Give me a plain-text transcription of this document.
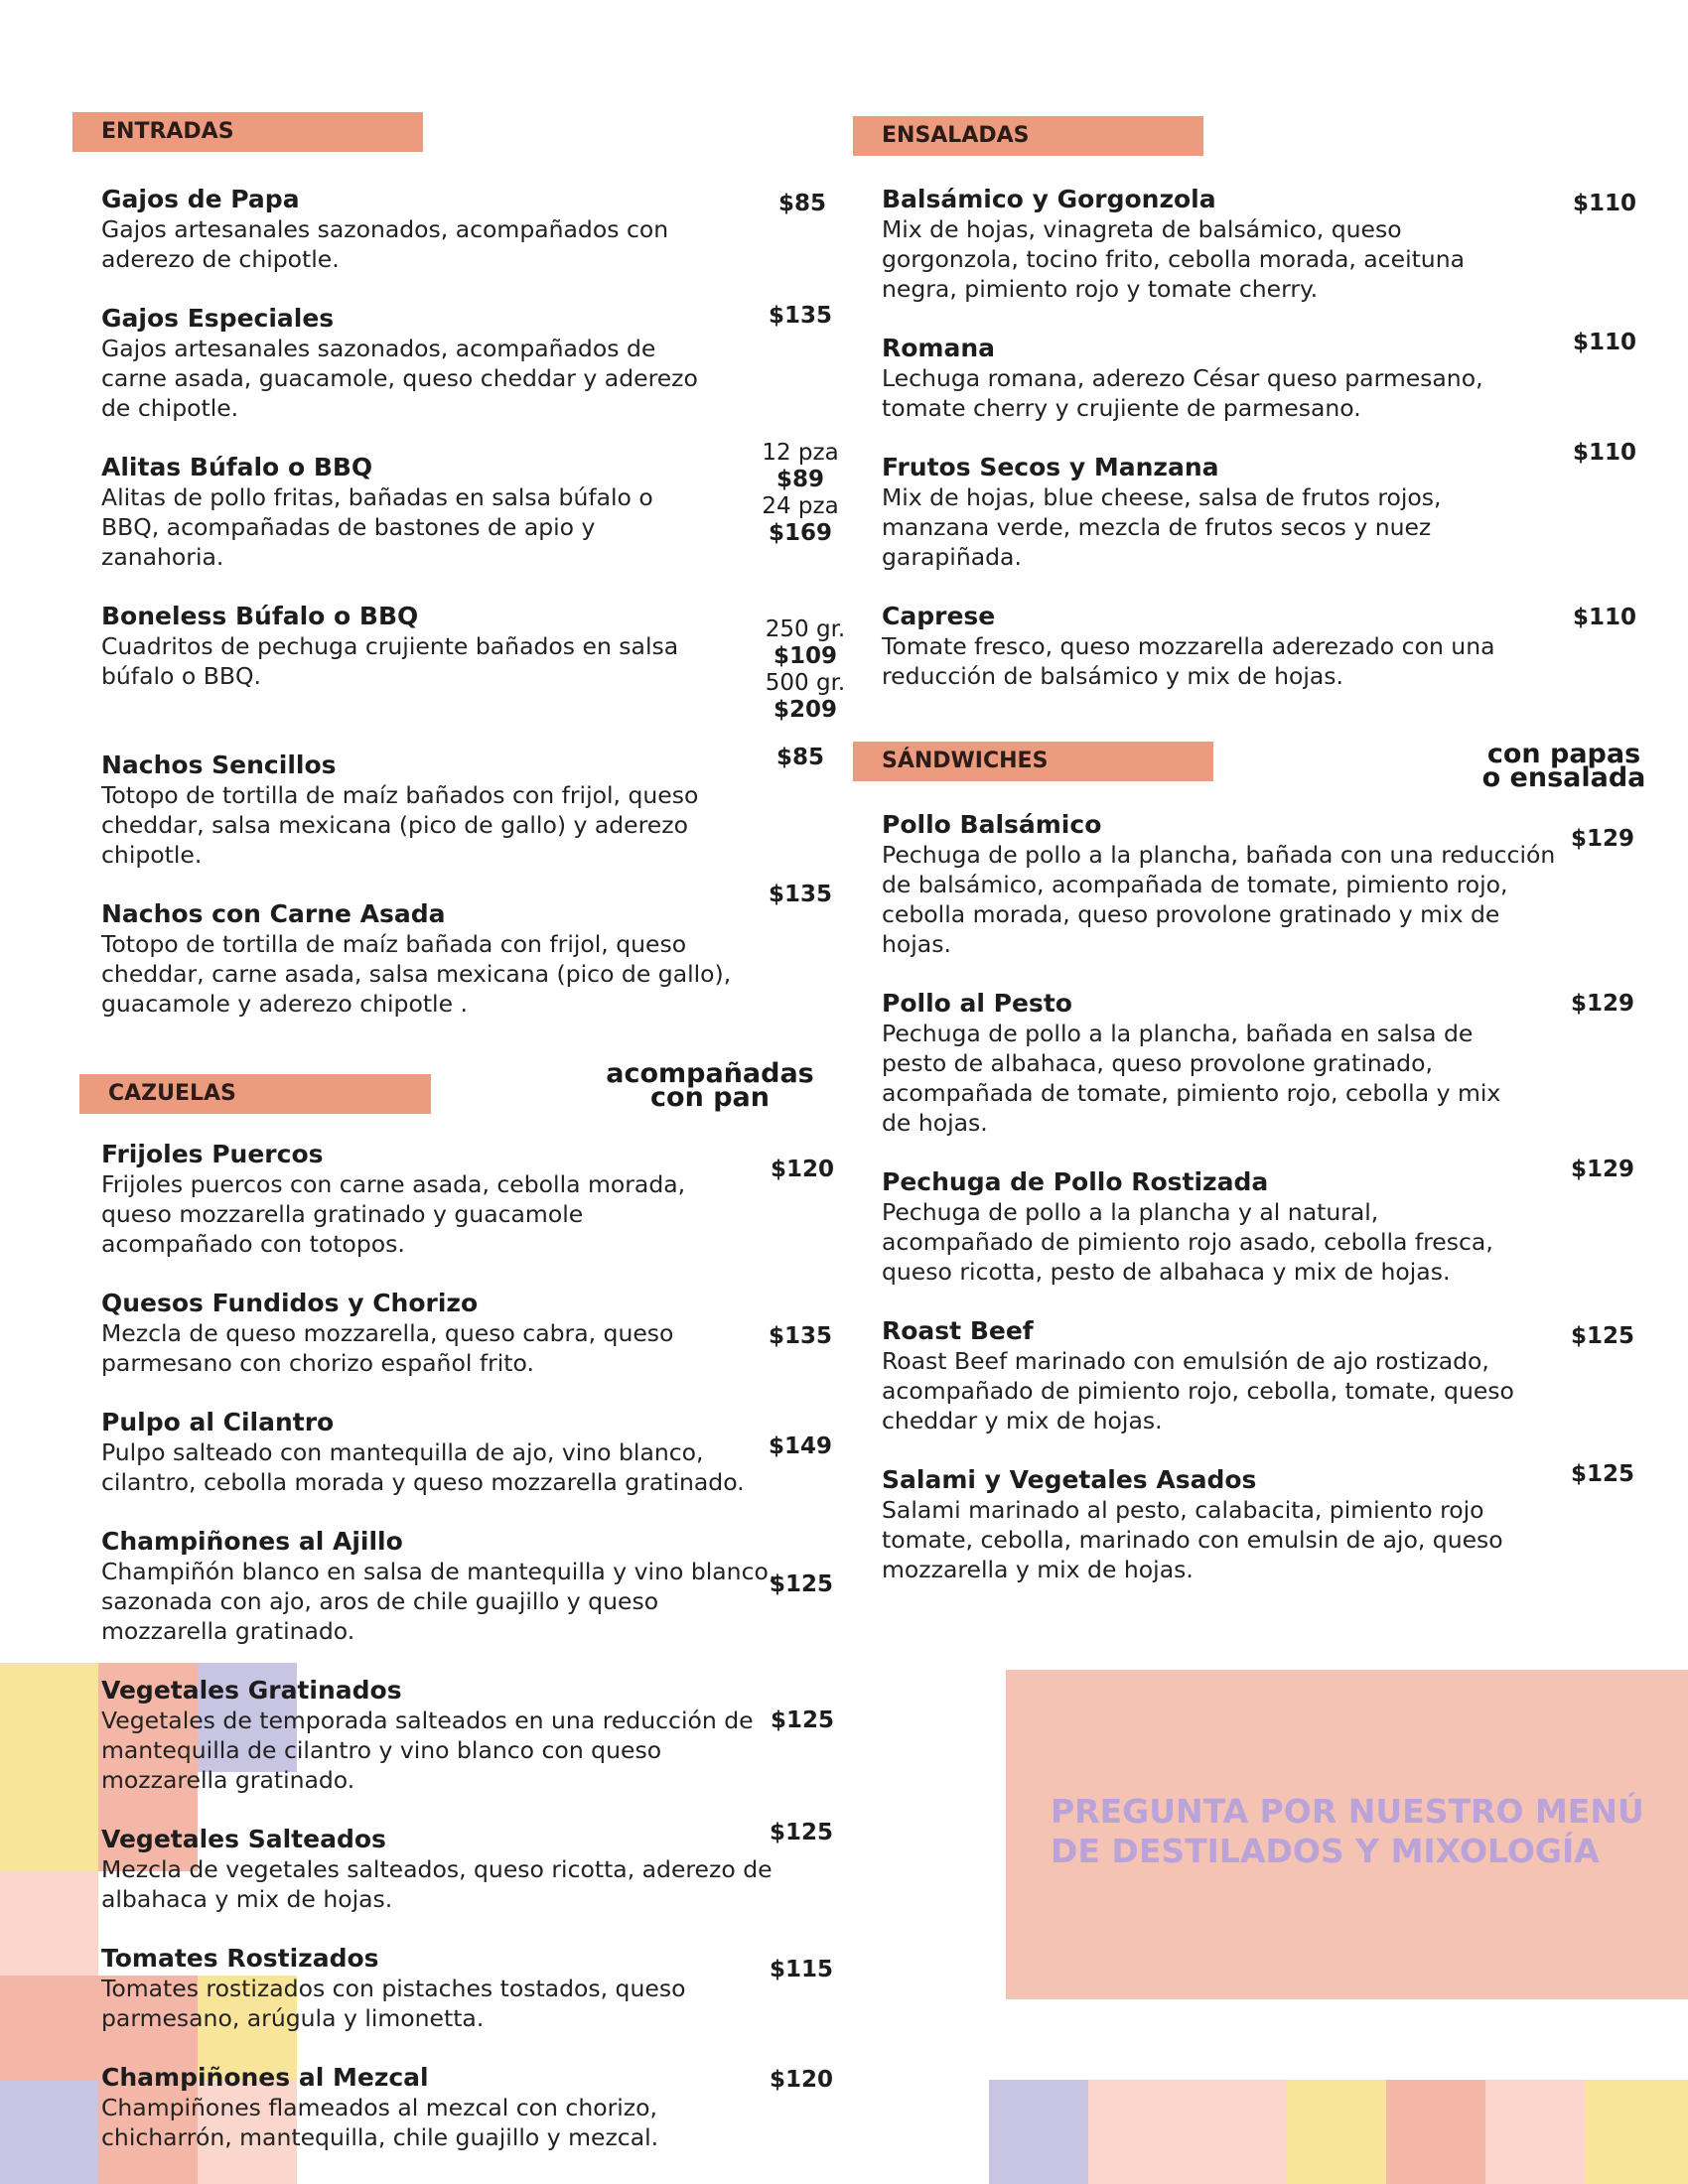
ENTRADAS

Gajos de Papa

Gajos artesanales sazonados, acompañados con aderezo de chipotle.

$85

Gajos Especiales

Gajos artesanales sazonados, acompañados de carne asada, guacamole, queso cheddar y aderezo de chipotle.

$135

Alitas Búfalo o BBQ

Alitas de pollo fritas, bañadas en salsa búfalo o BBQ, acompañadas de bastones de apio y zanahoria.

12 pza
$89
24 pza
$169

Boneless Búfalo o BBQ

Cuadritos de pechuga crujiente bañados en salsa búfalo o BBQ.

250 gr.
$109
500 gr.
$209

Nachos Sencillos

Totopo de tortilla de maíz bañados con frijol, queso cheddar, salsa mexicana (pico de gallo) y aderezo chipotle.

$85

Nachos con Carne Asada

Totopo de tortilla de maíz bañada con frijol, queso cheddar, carne asada, salsa mexicana (pico de gallo), guacamole y aderezo chipotle .

$135
CAZUELAS
acompañadas con pan

Frijoles Puercos

Frijoles puercos con carne asada, cebolla morada, queso mozzarella gratinado y guacamole acompañado con totopos.

$120

Quesos Fundidos y Chorizo

Mezcla de queso mozzarella, queso cabra, queso parmesano con chorizo español frito.

$135

Pulpo al Cilantro

Pulpo salteado con mantequilla de ajo, vino blanco, cilantro, cebolla morada y queso mozzarella gratinado.

$149

Champiñones al Ajillo

Champiñón blanco en salsa de mantequilla y vino blanco, sazonada con ajo, aros de chile guajillo y queso mozzarella gratinado.

$125

Vegetales Gratinados

Vegetales de temporada salteados en una reducción de mantequilla de cilantro y vino blanco con queso mozzarella gratinado.

$125

Vegetales Salteados

Mezcla de vegetales salteados, queso ricotta, aderezo de albahaca y mix de hojas.

$125

Tomates Rostizados

Tomates rostizados con pistaches tostados, queso parmesano, arúgula y limonetta.

$115

Champiñones al Mezcal

Champiñones flameados al mezcal con chorizo, chicharrón, mantequilla, chile guajillo y mezcal.

$120
ENSALADAS

Balsámico y Gorgonzola

Mix de hojas, vinagreta de balsámico, queso gorgonzola, tocino frito, cebolla morada, aceituna negra, pimiento rojo y tomate cherry.

$110

Romana

Lechuga romana, aderezo César queso parmesano, tomate cherry y crujiente de parmesano.

$110

Frutos Secos y Manzana

Mix de hojas, blue cheese, salsa de frutos rojos, manzana verde, mezcla de frutos secos y nuez garapiñada.

$110

Caprese

Tomate fresco, queso mozzarella aderezado con una reducción de balsámico y mix de hojas.

$110
SÁNDWICHES	con papas o ensalada

Pollo Balsámico

Pechuga de pollo a la plancha, bañada con una reducción de balsámico, acompañada de tomate, pimiento rojo, cebolla morada, queso provolone gratinado y mix de hojas.

$129

Pollo al Pesto

Pechuga de pollo a la plancha, bañada en salsa de pesto de albahaca, queso provolone gratinado, acompañada de tomate, pimiento rojo, cebolla y mix de hojas.

$129

Pechuga de Pollo Rostizada

Pechuga de pollo a la plancha y al natural, acompañado de pimiento rojo asado, cebolla fresca, queso ricotta, pesto de albahaca y mix de hojas.

$129

Roast Beef

Roast Beef marinado con emulsión de ajo rostizado, acompañado de pimiento rojo, cebolla, tomate, queso cheddar y mix de hojas.

$125

Salami y Vegetales Asados

Salami marinado al pesto, calabacita, pimiento rojo tomate, cebolla, marinado con emulsin de ajo, queso mozzarella y mix de hojas.

$125

PREGUNTA POR NUESTRO MENÚ
DE DESTILADOS Y MIXOLOGÍA
